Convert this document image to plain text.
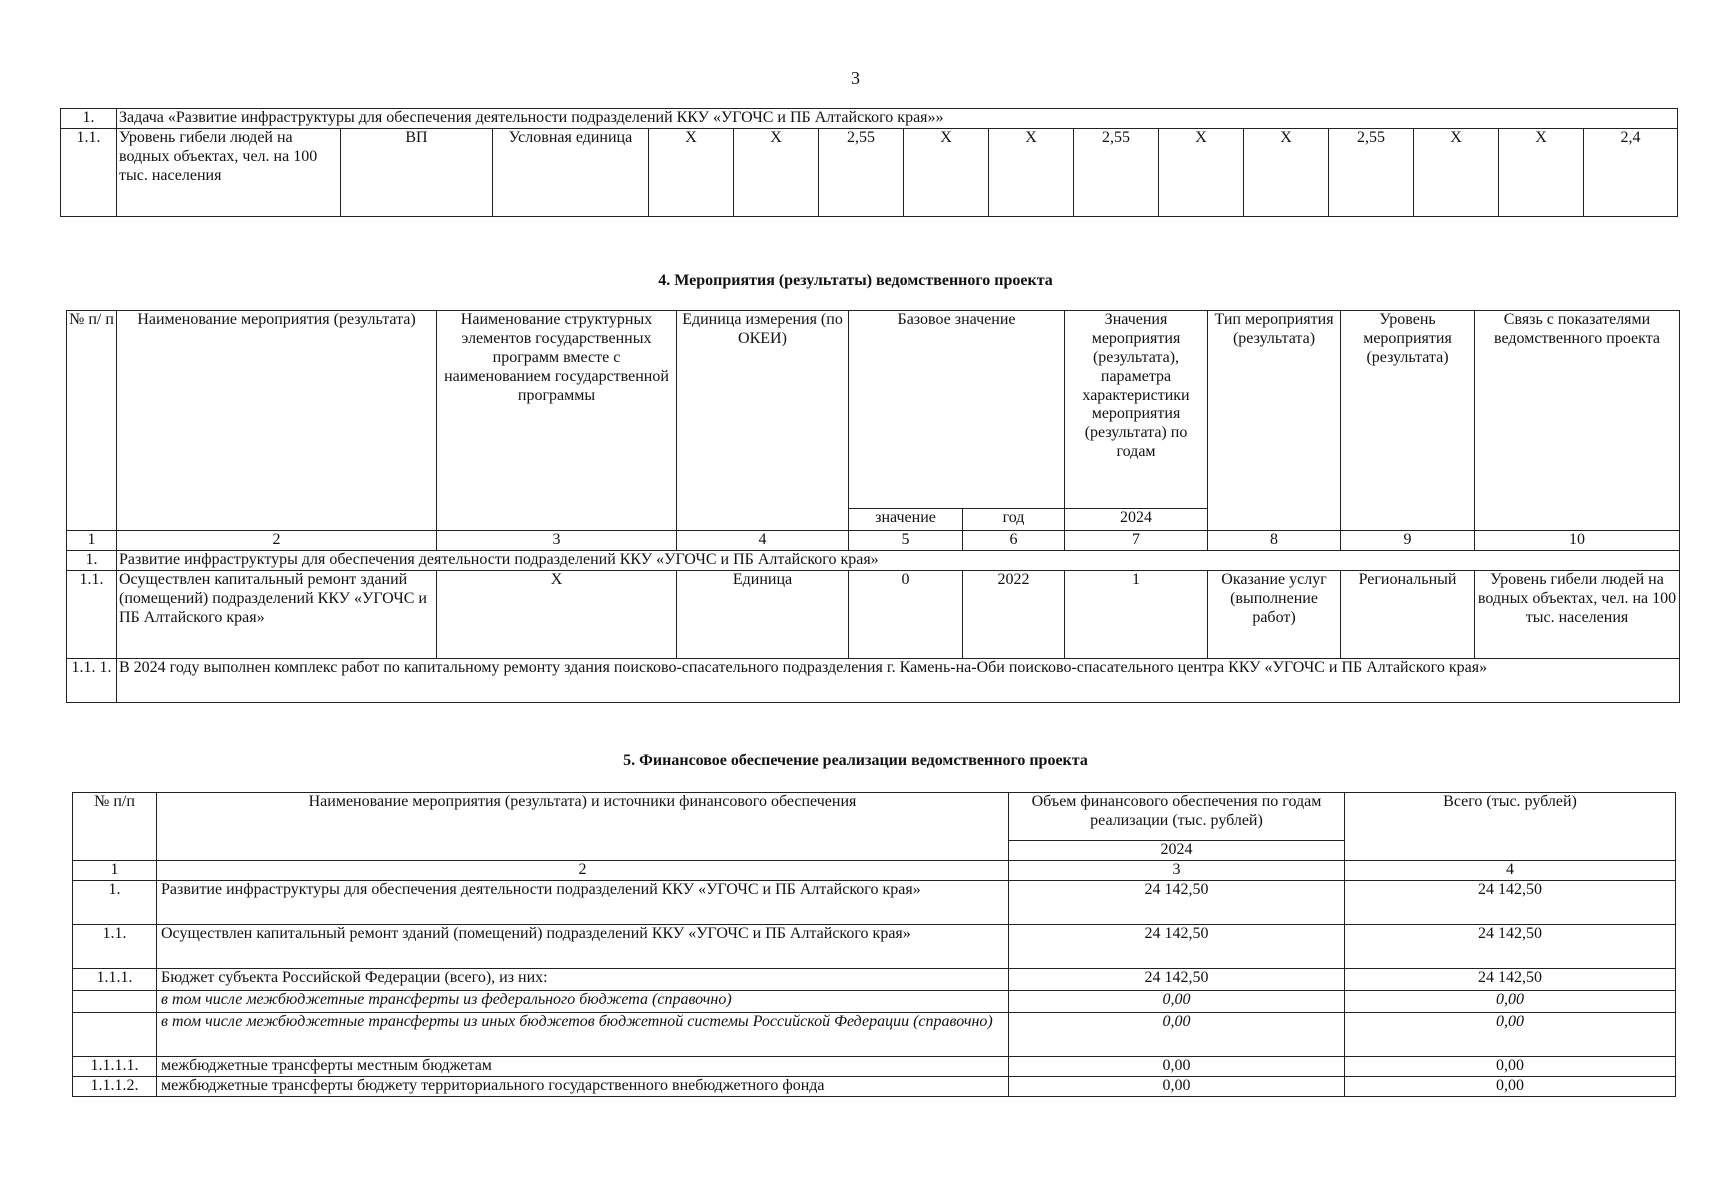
3
1.	Задача «Развитие инфраструктуры для обеспечения деятельности подразделений ККУ «УГОЧС и ПБ Алтайского края»»														
1.1.	Уровень гибели людей на водных объектах, чел. на 100 тыс. населения	ВП	Условная единица	X	X	2,55	X	X	2,55	X	X	2,55	X	X	2,4
4. Мероприятия (результаты) ведомственного проекта
№ п/ п	Наименование мероприятия (результата)	Наименование структурных элементов государственных программ вместе с наименованием государственной программы	Единица измерения (по ОКЕИ)	Базовое значение		Значения мероприятия (результата), параметра характеристики мероприятия (результата) по годам	Тип мероприятия (результата)	Уровень мероприятия (результата)	Связь с показателями ведомственного проекта
				значение	год	2024			
1	2	3	4	5	6	7	8	9	10
1.	Развитие инфраструктуры для обеспечения деятельности подразделений ККУ «УГОЧС и ПБ Алтайского края»								
1.1.	Осуществлен капитальный ремонт зданий (помещений) подразделений ККУ «УГОЧС и ПБ Алтайского края»	X	Единица	0	2022	1	Оказание услуг (выполнение работ)	Региональный	Уровень гибели людей на водных объектах, чел. на 100 тыс. населения
1.1. 1.	В 2024 году выполнен комплекс работ по капитальному ремонту здания поисково-спасательного подразделения г. Камень-на-Оби поисково-спасательного центра ККУ «УГОЧС и ПБ Алтайского края»								
5. Финансовое обеспечение реализации ведомственного проекта
№ п/п	Наименование мероприятия (результата) и источники финансового обеспечения	Объем финансового обеспечения по годам реализации (тыс. рублей)	Всего (тыс. рублей)
		2024	
1	2	3	4
1.	Развитие инфраструктуры для обеспечения деятельности подразделений ККУ «УГОЧС и ПБ Алтайского края»	24 142,50	24 142,50
1.1.	Осуществлен капитальный ремонт зданий (помещений) подразделений ККУ «УГОЧС и ПБ Алтайского края»	24 142,50	24 142,50
1.1.1.	Бюджет субъекта Российской Федерации (всего), из них:	24 142,50	24 142,50
	в том числе межбюджетные трансферты из федерального бюджета (справочно)	0,00	0,00
	в том числе межбюджетные трансферты из иных бюджетов бюджетной системы Российской Федерации (справочно)	0,00	0,00
1.1.1.1.	межбюджетные трансферты местным бюджетам	0,00	0,00
1.1.1.2.	межбюджетные трансферты бюджету территориального государственного внебюджетного фонда	0,00	0,00
